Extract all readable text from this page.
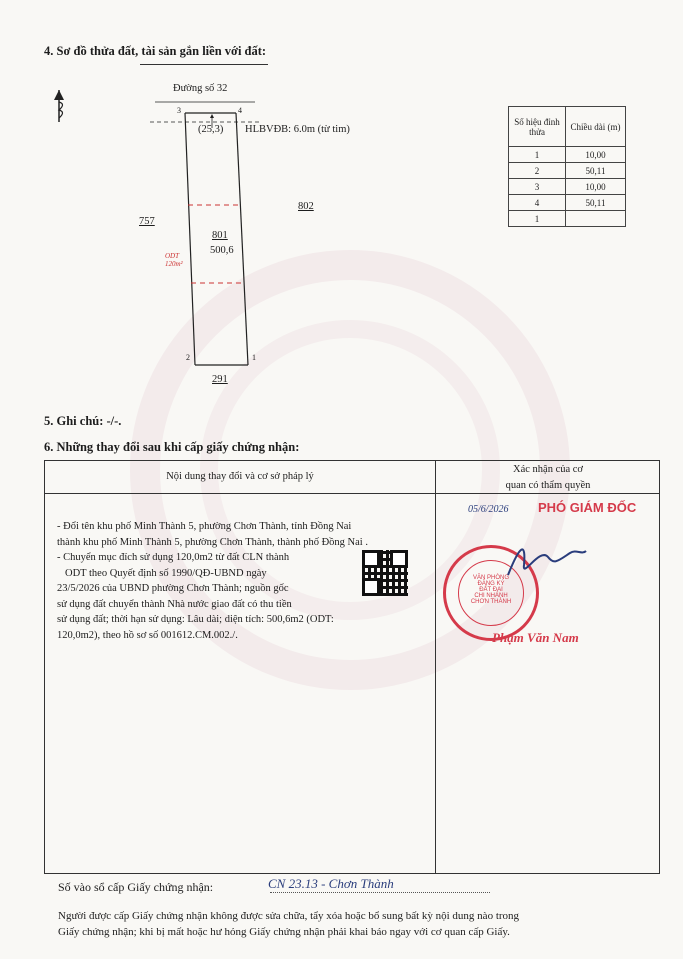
4. Sơ đồ thửa đất, tài sản gắn liền với đất:
Đường số 32
3	4
(25,3) HLBVĐB: 6.0m (từ tim)
757
802
801
500,6
ODT 120m²
2	1
291
Số hiệu đỉnh thửa	Chiều dài (m)
1	10,00
2	50,11
3	10,00
4	50,11
1	
5. Ghi chú: -/-.
6. Những thay đổi sau khi cấp giấy chứng nhận:
Nội dung thay đổi và cơ sở pháp lý
Xác nhận của cơ
quan có thẩm quyền
- Đổi tên khu phố Minh Thành 5, phường Chơn Thành, tỉnh Đồng Nai
thành khu phố Minh Thành 5, phường Chơn Thành, thành phố Đồng Nai .
- Chuyển mục đích sử dụng 120,0m2 từ đất CLN thành
ODT theo Quyết định số 1990/QĐ-UBND ngày
23/5/2026 của UBND phường Chơn Thành; nguồn gốc
sử dụng đất chuyển thành Nhà nước giao đất có thu tiền
sử dụng đất; thời hạn sử dụng: Lâu dài; diện tích: 500,6m2 (ODT:
120,0m2), theo hồ sơ số 001612.CM.002./.
05/6/2026 PHÓ GIÁM ĐỐC
VĂN PHÒNG
ĐĂNG KÝ
ĐẤT ĐAI
CHI NHÁNH
CHƠN THÀNH
Phạm Văn Nam
Số vào sổ cấp Giấy chứng nhận:	CN 23.13 - Chơn Thành
Người được cấp Giấy chứng nhận không được sửa chữa, tẩy xóa hoặc bổ sung bất kỳ nội dung nào trong
Giấy chứng nhận; khi bị mất hoặc hư hỏng Giấy chứng nhận phải khai báo ngay với cơ quan cấp Giấy.
